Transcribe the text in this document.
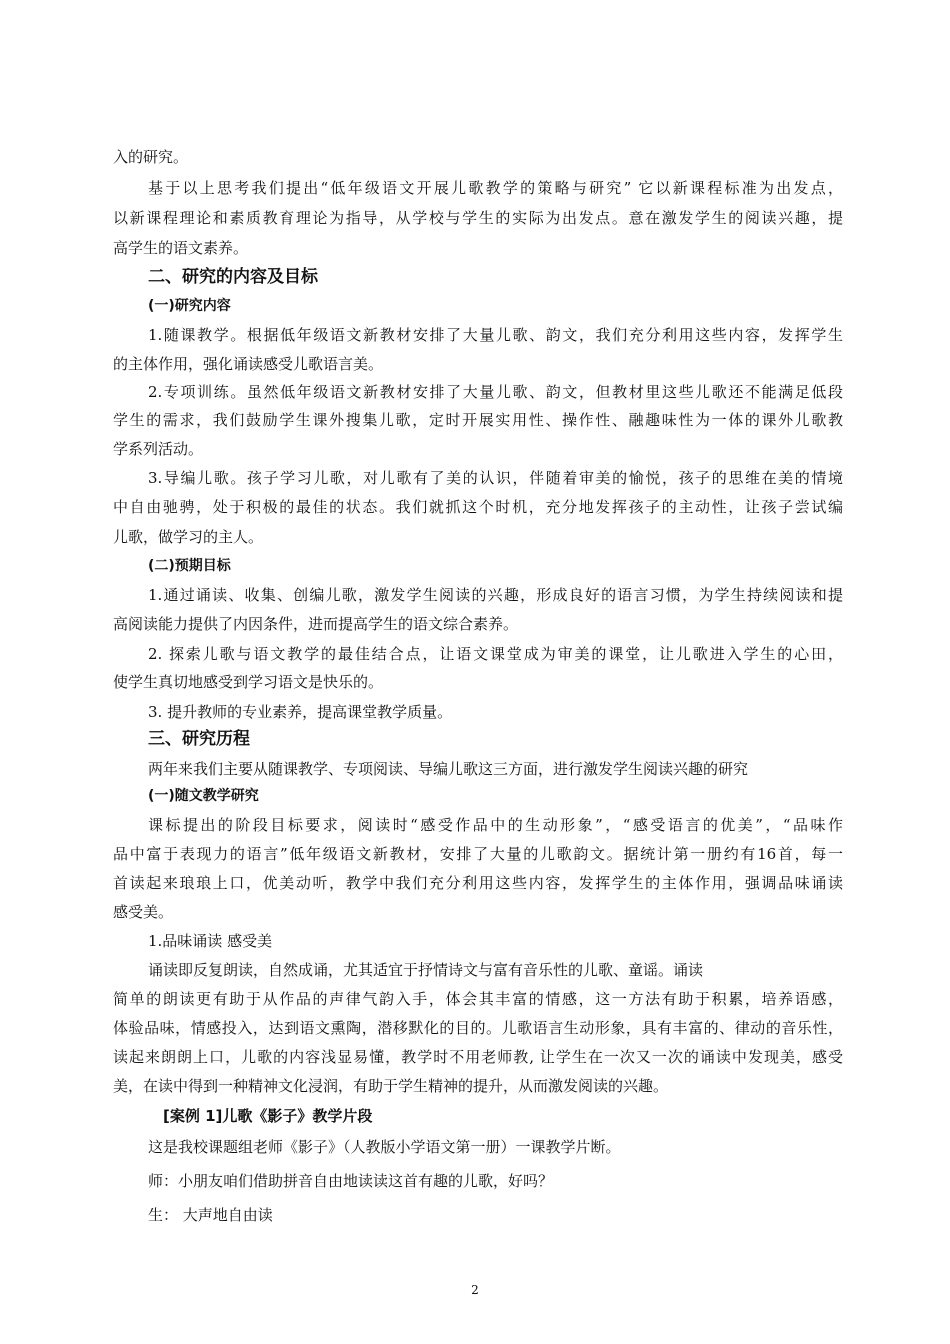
入的研究。
基于以上思考我们提出“低年级语文开展儿歌教学的策略与研究” 它以新课程标准为出发点，
以新课程理论和素质教育理论为指导，从学校与学生的实际为出发点。意在激发学生的阅读兴趣，提
高学生的语文素养。
二、研究的内容及目标
(一)研究内容
1.随课教学。根据低年级语文新教材安排了大量儿歌、韵文，我们充分利用这些内容，发挥学生
的主体作用，强化诵读感受儿歌语言美。
2.专项训练。虽然低年级语文新教材安排了大量儿歌、韵文，但教材里这些儿歌还不能满足低段
学生的需求，我们鼓励学生课外搜集儿歌，定时开展实用性、操作性、融趣味性为一体的课外儿歌教
学系列活动。
3.导编儿歌。孩子学习儿歌，对儿歌有了美的认识，伴随着审美的愉悦，孩子的思维在美的情境
中自由驰骋，处于积极的最佳的状态。我们就抓这个时机，充分地发挥孩子的主动性，让孩子尝试编
儿歌，做学习的主人。
(二)预期目标
1.通过诵读、收集、创编儿歌，激发学生阅读的兴趣，形成良好的语言习惯，为学生持续阅读和提
高阅读能力提供了内因条件，进而提高学生的语文综合素养。
2. 探索儿歌与语文教学的最佳结合点，让语文课堂成为审美的课堂，让儿歌进入学生的心田，
使学生真切地感受到学习语文是快乐的。
3. 提升教师的专业素养，提高课堂教学质量。
三、研究历程
两年来我们主要从随课教学、专项阅读、导编儿歌这三方面，进行激发学生阅读兴趣的研究
(一)随文教学研究
课标提出的阶段目标要求，阅读时“感受作品中的生动形象”，“感受语言的优美”，“品味作
品中富于表现力的语言”低年级语文新教材，安排了大量的儿歌韵文。据统计第一册约有16首，每一
首读起来琅琅上口，优美动听，教学中我们充分利用这些内容，发挥学生的主体作用，强调品味诵读
感受美。
1.品味诵读 感受美
诵读即反复朗读，自然成诵，尤其适宜于抒情诗文与富有音乐性的儿歌、童谣。诵读
简单的朗读更有助于从作品的声律气韵入手，体会其丰富的情感，这一方法有助于积累，培养语感，
体验品味，情感投入，达到语文熏陶，潜移默化的目的。儿歌语言生动形象，具有丰富的、律动的音乐性，
读起来朗朗上口，儿歌的内容浅显易懂，教学时不用老师教, 让学生在一次又一次的诵读中发现美，感受
美，在读中得到一种精神文化浸润，有助于学生精神的提升，从而激发阅读的兴趣。
[案例 1]儿歌《影子》教学片段
这是我校课题组老师《影子》（人教版小学语文第一册）一课教学片断。
师：小朋友咱们借助拼音自由地读读这首有趣的儿歌，好吗？
生： 大声地自由读
2
